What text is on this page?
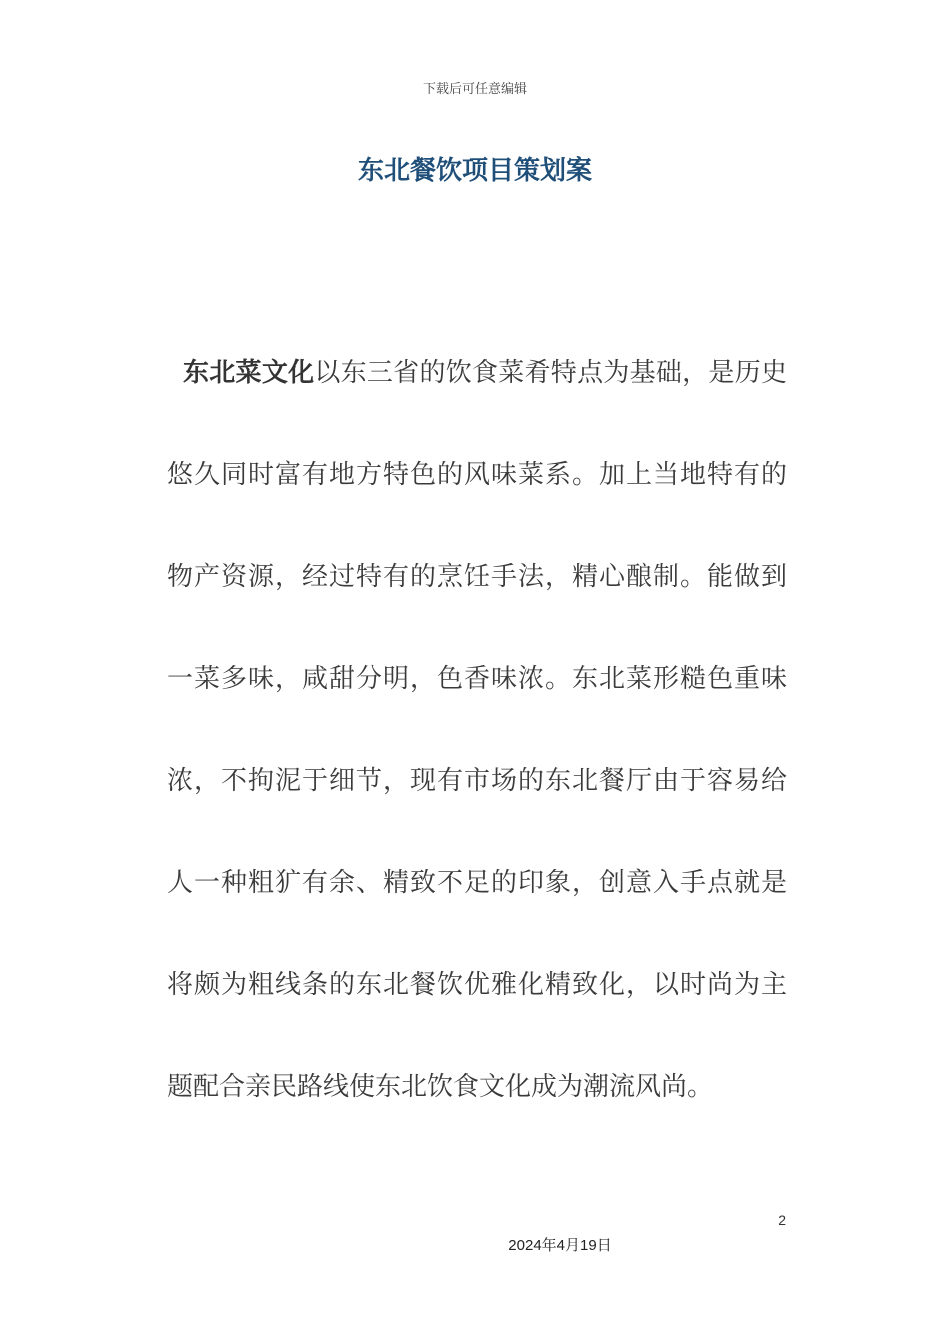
下载后可任意编辑
东北餐饮项目策划案

东北菜文化以东三省的饮食菜肴特点为基础，是历史悠久同时富有地方特色的风味菜系。加上当地特有的物产资源，经过特有的烹饪手法，精心酿制。能做到一菜多味，咸甜分明，色香味浓。东北菜形糙色重味浓，不拘泥于细节，现有市场的东北餐厅由于容易给人一种粗犷有余、精致不足的印象，创意入手点就是将颇为粗线条的东北餐饮优雅化精致化，以时尚为主题配合亲民路线使东北饮食文化成为潮流风尚。

2
2024年4月19日
